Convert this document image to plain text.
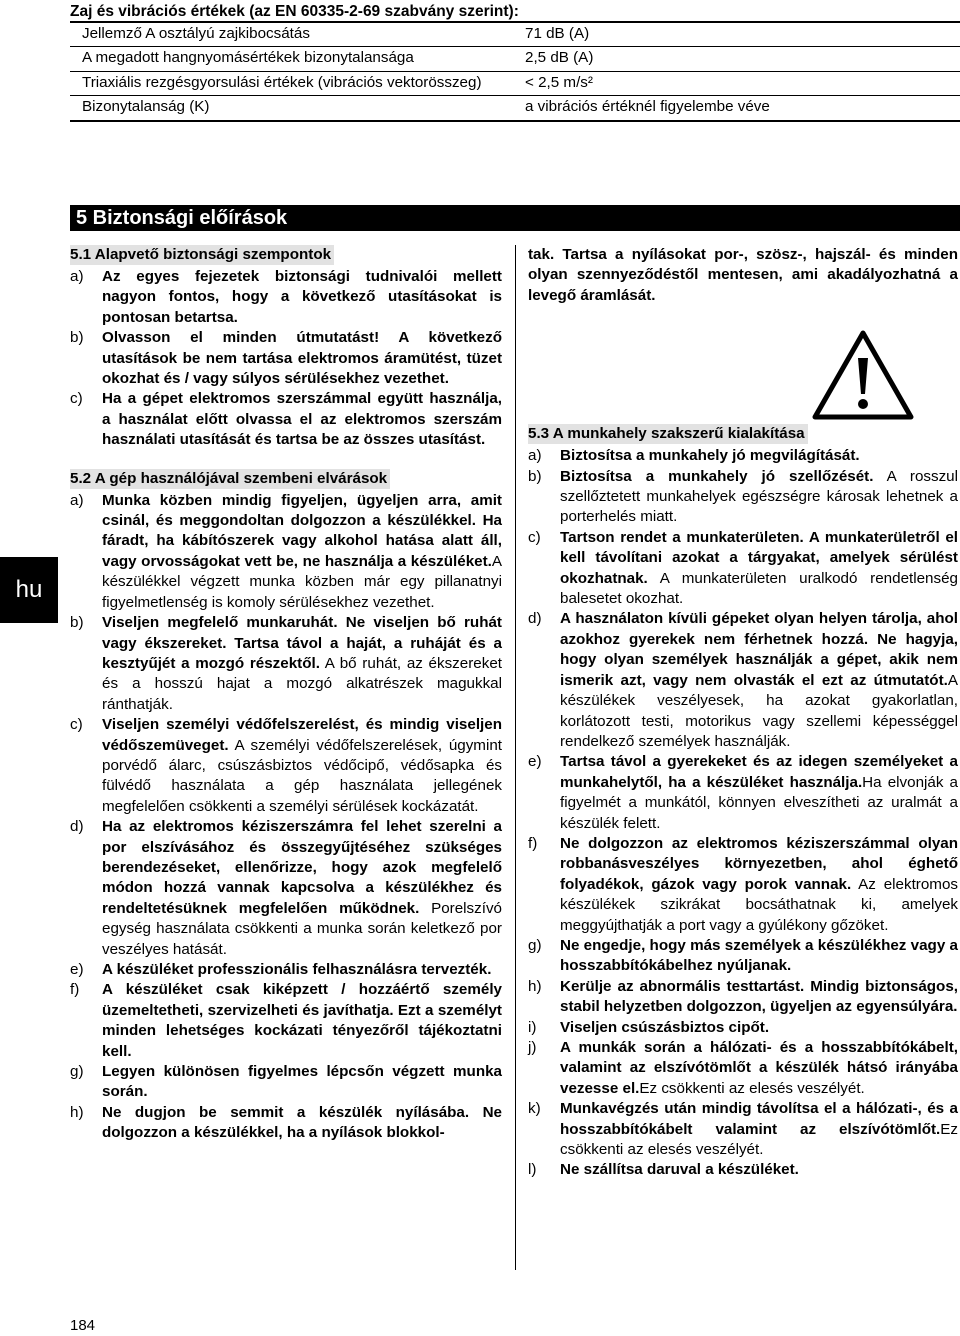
Zaj és vibrációs értékek (az EN 60335-2-69 szabvány szerint):
Jellemző A osztályú zajkibocsátás	71 dB (A)
A megadott hangnyomásértékek bizonytalansága	2,5 dB (A)
Triaxiális rezgésgyorsulási értékek (vibrációs vektorösszeg)	< 2,5 m/s²
Bizonytalanság (K)	a vibrációs értéknél figyelembe véve
5 Biztonsági előírások
hu
5.1 Alapvető biztonsági szempontok
a)	Az egyes fejezetek biztonsági tudnivalói mellett nagyon fontos, hogy a következő utasításokat is pontosan betartsa.
b)	Olvasson el minden útmutatást! A következő utasítások be nem tartása elektromos áramütést, tüzet okozhat és / vagy súlyos sérülésekhez vezethet.
c)	Ha a gépet elektromos szerszámmal együtt használja, a használat előtt olvassa el az elektromos szerszám használati utasítását és tartsa be az összes utasítást.
5.2 A gép használójával szembeni elvárások
a)	Munka közben mindig figyeljen, ügyeljen arra, amit csinál, és meggondoltan dolgozzon a készülékkel. Ha fáradt, ha kábítószerek vagy alkohol hatása alatt áll, vagy orvosságokat vett be, ne használja a készüléket.A készülékkel végzett munka közben már egy pillanatnyi figyelmetlenség is komoly sérülésekhez vezethet.
b)	Viseljen megfelelő munkaruhát. Ne viseljen bő ruhát vagy ékszereket. Tartsa távol a haját, a ruháját és a kesztyűjét a mozgó részektől. A bő ruhát, az ékszereket és a hosszú hajat a mozgó alkatrészek magukkal ránthatják.
c)	Viseljen személyi védőfelszerelést, és mindig viseljen védőszemüveget. A személyi védőfelszerelések, úgymint porvédő álarc, csúszásbiztos védőcipő, védősapka és fülvédő használata a gép használata jellegének megfelelően csökkenti a személyi sérülések kockázatát.
d)	Ha az elektromos kéziszerszámra fel lehet szerelni a por elszívásához és összegyűjtéséhez szükséges berendezéseket, ellenőrizze, hogy azok megfelelő módon hozzá vannak kapcsolva a készülékhez és rendeltetésüknek megfelelően működnek. Porelszívó egység használata csökkenti a munka során keletkező por veszélyes hatását.
e)	A készüléket professzionális felhasználásra tervezték.
f)	A készüléket csak kiképzett / hozzáértő személy üzemeltetheti, szervizelheti és javíthatja. Ezt a személyt minden lehetséges kockázati tényezőről tájékoztatni kell.
g)	Legyen különösen figyelmes lépcsőn végzett munka során.
h)	Ne dugjon be semmit a készülék nyílásába. Ne dolgozzon a készülékkel, ha a nyílások blokkol-
tak. Tartsa a nyílásokat por-, szösz-, hajszál- és minden olyan szennyeződéstől mentesen, ami akadályozhatná a levegő áramlását.
5.3 A munkahely szakszerű kialakítása
a)	Biztosítsa a munkahely jó megvilágítását.
b)	Biztosítsa a munkahely jó szellőzését. A rosszul szellőztetett munkahelyek egészségre károsak lehetnek a porterhelés miatt.
c)	Tartson rendet a munkaterületen. A munkaterületről el kell távolítani azokat a tárgyakat, amelyek sérülést okozhatnak. A munkaterületen uralkodó rendetlenség balesetet okozhat.
d)	A használaton kívüli gépeket olyan helyen tárolja, ahol azokhoz gyerekek nem férhetnek hozzá. Ne hagyja, hogy olyan személyek használják a gépet, akik nem ismerik azt, vagy nem olvasták el ezt az útmutatót.A készülékek veszélyesek, ha azokat gyakorlatlan, korlátozott testi, motorikus vagy szellemi képességgel rendelkező személyek használják.
e)	Tartsa távol a gyerekeket és az idegen személyeket a munkahelytől, ha a készüléket használja.Ha elvonják a figyelmét a munkától, könnyen elveszítheti az uralmát a készülék felett.
f)	Ne dolgozzon az elektromos kéziszerszámmal olyan robbanásveszélyes környezetben, ahol éghető folyadékok, gázok vagy porok vannak. Az elektromos készülékek szikrákat bocsáthatnak ki, amelyek meggyújthatják a port vagy a gyúlékony gőzöket.
g)	Ne engedje, hogy más személyek a készülékhez vagy a hosszabbítókábelhez nyúljanak.
h)	Kerülje az abnormális testtartást. Mindig biztonságos, stabil helyzetben dolgozzon, ügyeljen az egyensúlyára.
i)	Viseljen csúszásbiztos cipőt.
j)	A munkák során a hálózati- és a hosszabbítókábelt, valamint az elszívótömlőt a készülék hátsó irányába vezesse el.Ez csökkenti az elesés veszélyét.
k)	Munkavégzés után mindig távolítsa el a hálózati-, és a hosszabbítókábelt valamint az elszívótömlőt.Ez csökkenti az elesés veszélyét.
l)	Ne szállítsa daruval a készüléket.
184
